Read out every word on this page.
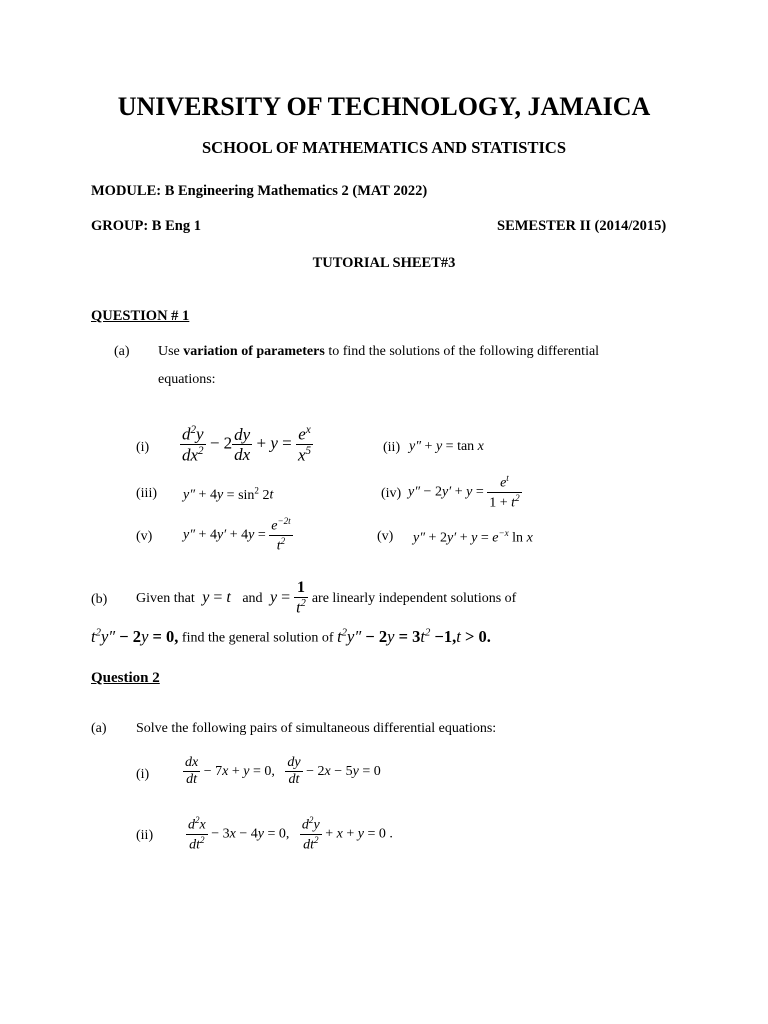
UNIVERSITY OF TECHNOLOGY, JAMAICA
SCHOOL OF MATHEMATICS AND STATISTICS
MODULE: B Engineering Mathematics 2 (MAT 2022)
GROUP: B Eng 1	SEMESTER II (2014/2015)
TUTORIAL SHEET#3
QUESTION # 1
(a) Use variation of parameters to find the solutions of the following differential
equations:
$(i) \frac{d^2y}{dx^2} - 2 \frac{dy}{dx} + y = \frac{e^x}{x^5}$	(ii) y″ + y = tan x
(iii) $y'' + 4y = \sin^2 2t$	(iv) $y'' - 2y' + y = \frac{e^t}{1 + t^2}$
(v) $y'' + 4y' + 4y = \frac{e^{-2t}}{t^2}$	(v) $y'' + 2y' + y = e^{-x}$ ln x
(b) Given that  y = t   and  $y = \frac{1}{t^2}$ are linearly independent solutions of
$t^2y'' - 2y = 0$, find the general solution of $t^2y'' - 2y = 3t^2 -1,t > 0$.
Question 2
(a) Solve the following pairs of simultaneous differential equations:
$(i) \frac{dx}{dt} - 7x + y = 0$, $\frac{dy}{dt} - 2x - 5y = 0$
$(ii) \frac{d^2x}{dt^2} - 3x - 4y = 0$, $\frac{d^2y}{dt^2} + x + y = 0$ .
